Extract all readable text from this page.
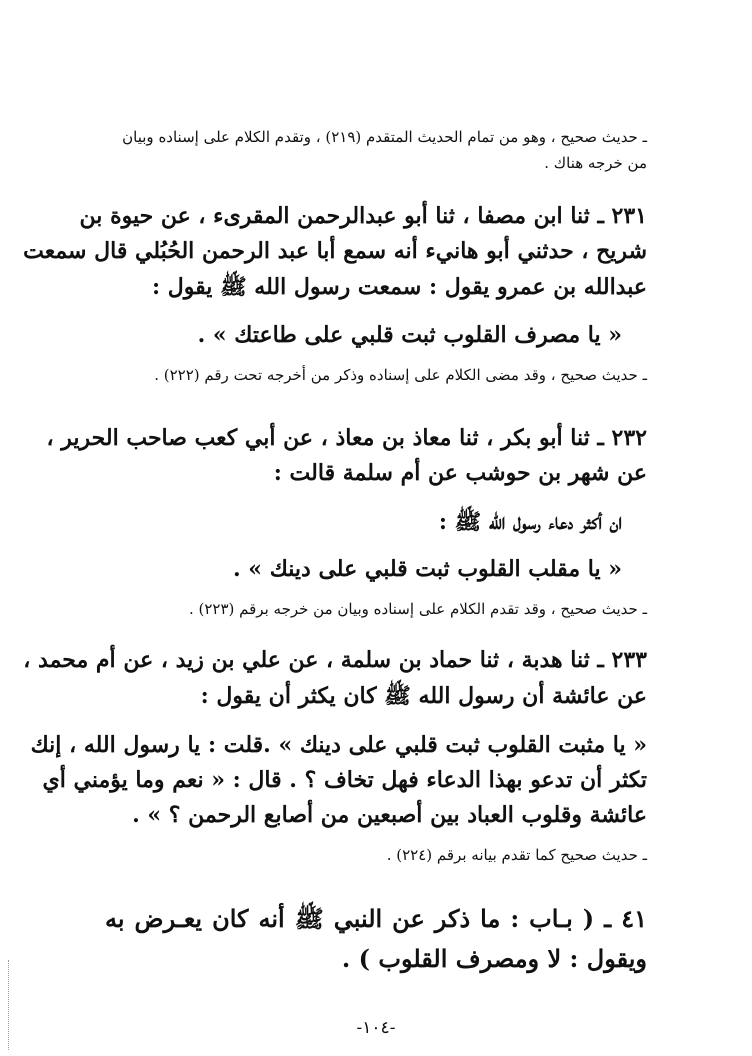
ـ حديث صحيح ، وهو من تمام الحديث المتقدم (٢١٩) ، وتقدم الكلام على إسناده وبيان
من خرجه هناك .
٢٣١ ـ ثنا ابن مصفا ، ثنا أبو عبدالرحمن المقرىء ، عن حيوة بن
شريح ، حدثني أبو هانيء أنه سمع أبا عبد الرحمن الحُبُلي قال سمعت
عبدالله بن عمرو يقول : سمعت رسول الله ﷺ يقول :
« يا مصرف القلوب ثبت قلبي على طاعتك » .
ـ حديث صحيح ، وقد مضى الكلام على إسناده وذكر من أخرجه تحت رقم (٢٢٢) .
٢٣٢ ـ ثنا أبو بكر ، ثنا معاذ بن معاذ ، عن أبي كعب صاحب الحرير ،
عن شهر بن حوشب عن أم سلمة قالت :
ان أكثر دعاء رسول الله ﷺ :
« يا مقلب القلوب ثبت قلبي على دينك » .
ـ حديث صحيح ، وقد تقدم الكلام على إسناده وبيان من خرجه برقم (٢٢٣) .
٢٣٣ ـ ثنا هدبة ، ثنا حماد بن سلمة ، عن علي بن زيد ، عن أم محمد ،
عن عائشة أن رسول الله ﷺ كان يكثر أن يقول :
« يا مثبت القلوب ثبت قلبي على دينك » .قلت : يا رسول الله ، إنك
تكثر أن تدعو بهذا الدعاء فهل تخاف ؟ . قال : « نعم وما يؤمني أي
عائشة وقلوب العباد بين أصبعين من أصابع الرحمن ؟ » .
ـ حديث صحيح كما تقدم بيانه برقم (٢٢٤) .
٤١ ـ ( بـاب : ما ذكر عن النبي ﷺ أنه كان يعـرض به
ويقول : لا ومصرف القلوب ) .
-١٠٤-
